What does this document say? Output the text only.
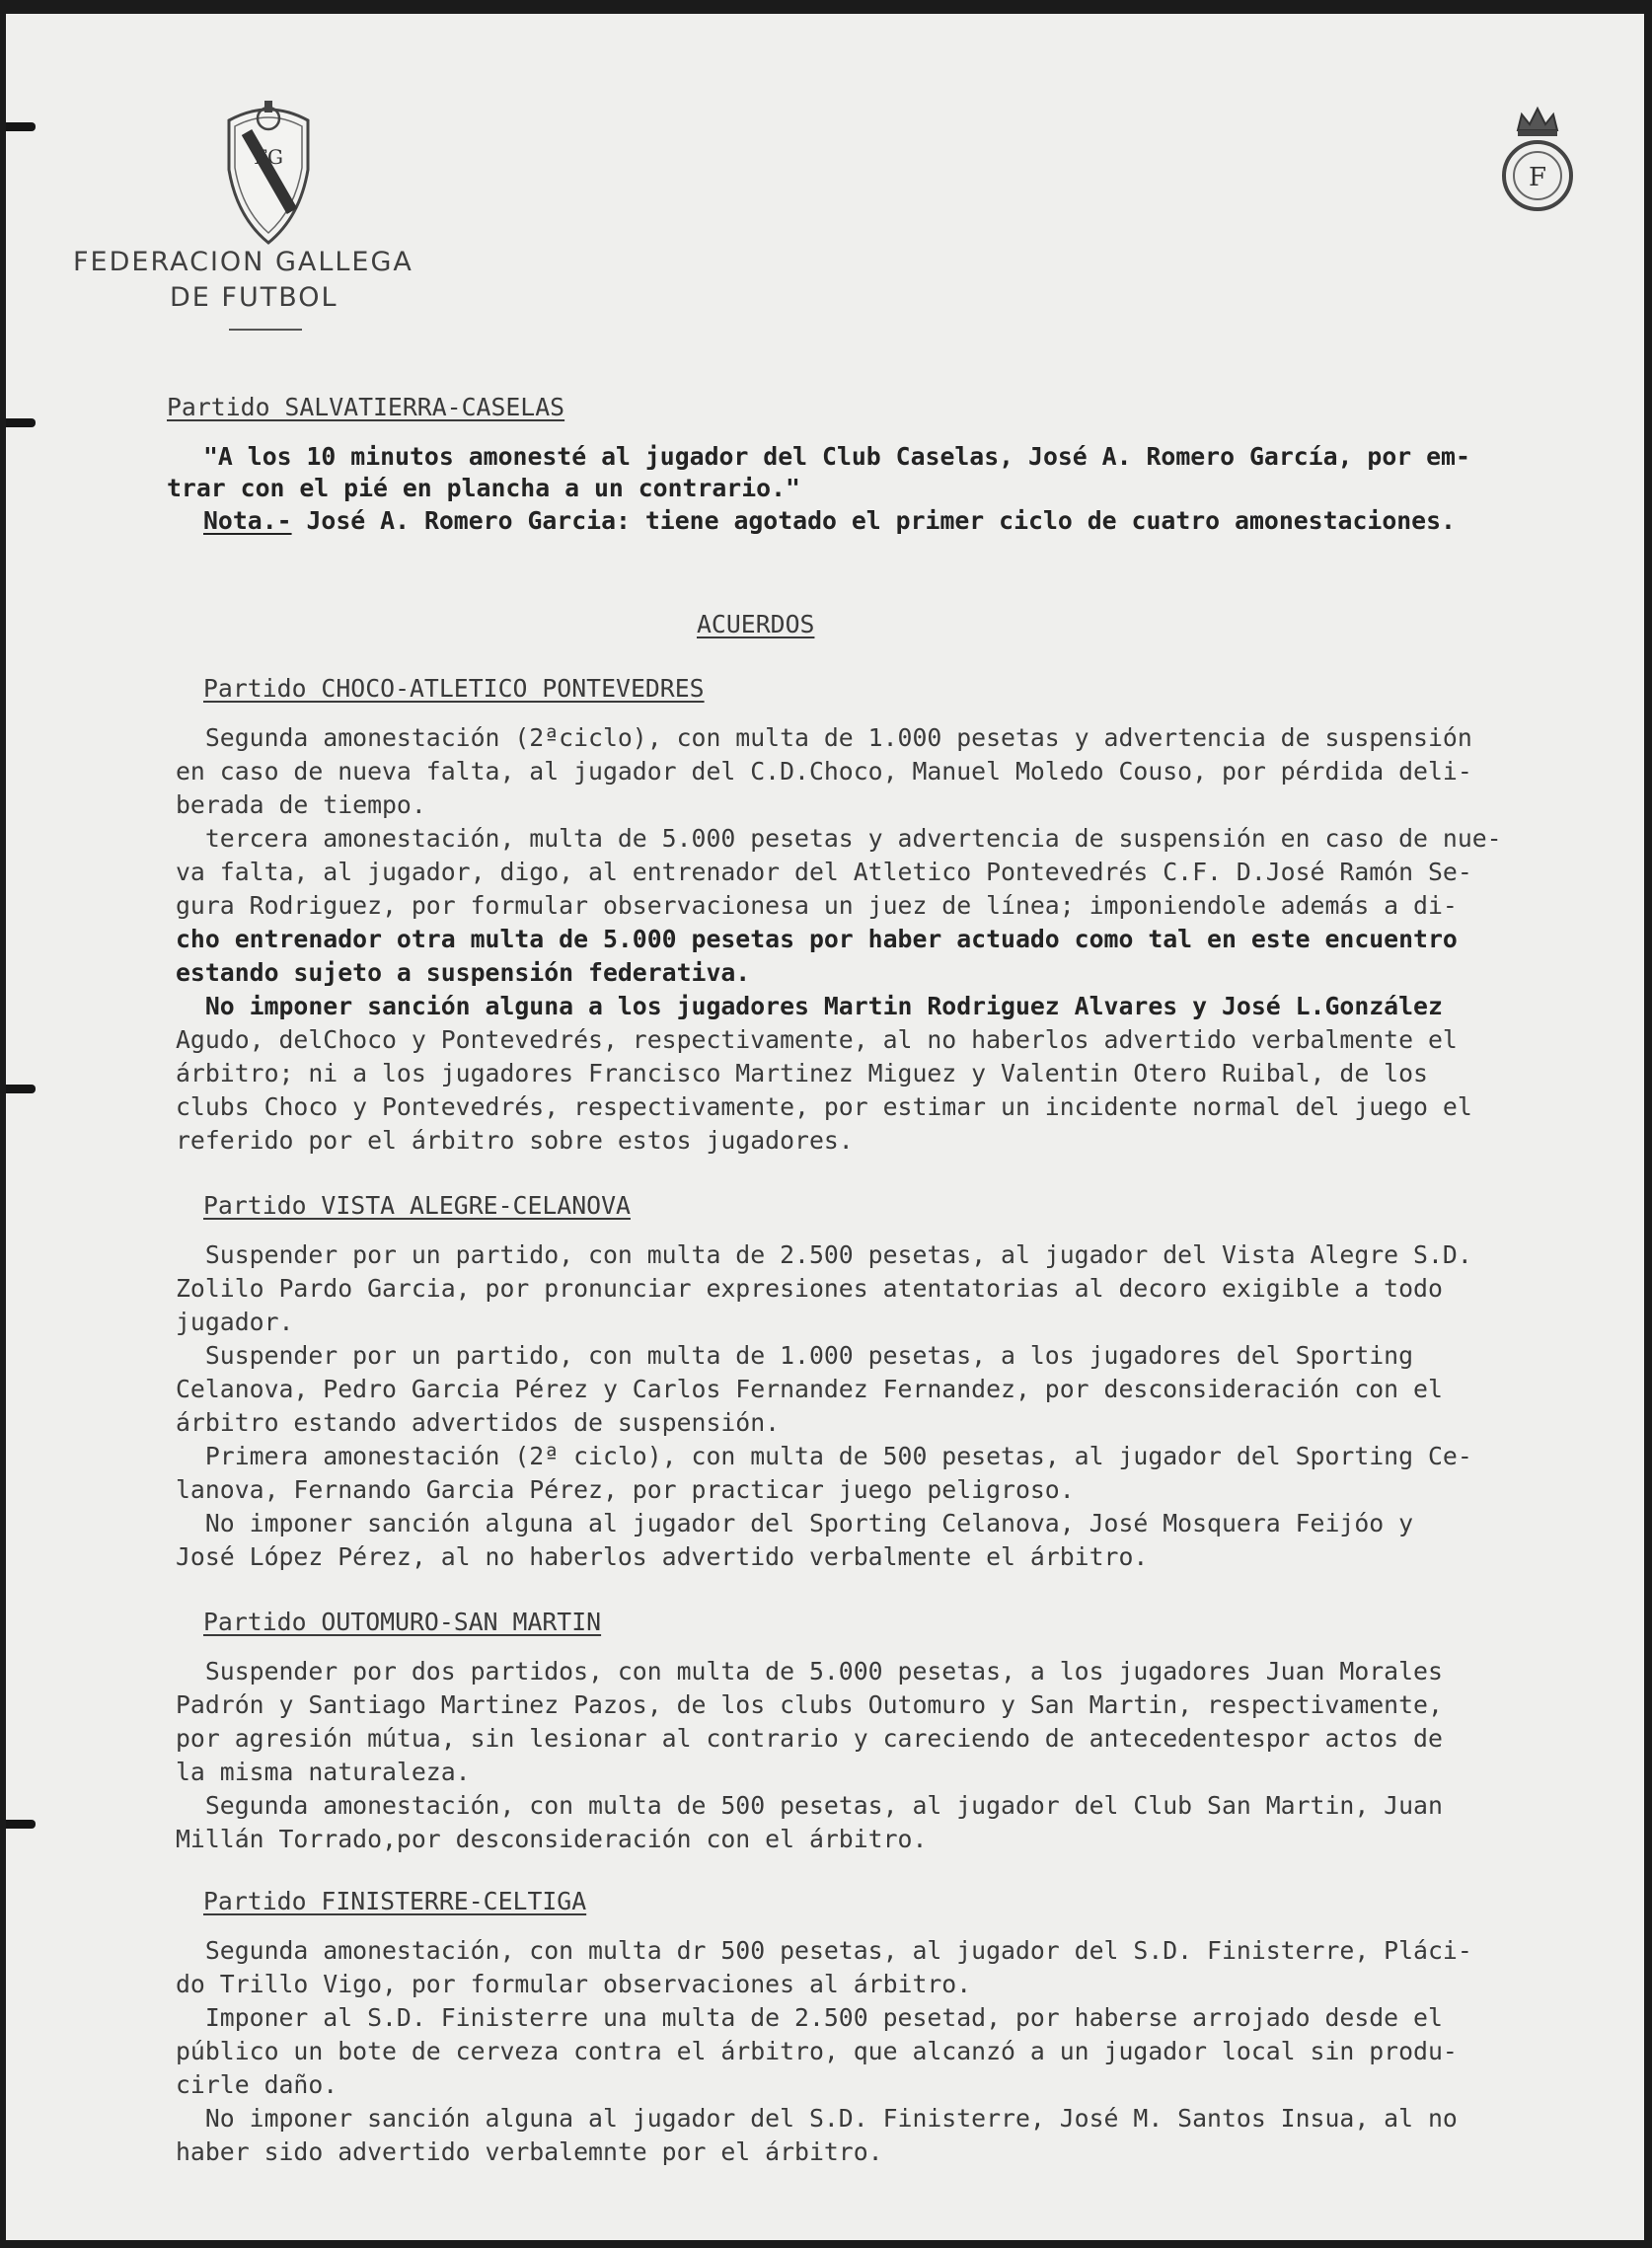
FG
FEDERACION GALLEGA
DE FUTBOL
F
Partido SALVATIERRA-CASELAS
"A los 10 minutos amonesté al jugador del Club Caselas, José A. Romero García, por em-
trar con el pié en plancha a un contrario."
Nota.- José A. Romero Garcia: tiene agotado el primer ciclo de cuatro amonestaciones.
ACUERDOS
Partido CHOCO-ATLETICO PONTEVEDRES
Segunda amonestación (2ªciclo), con multa de 1.000 pesetas y advertencia de suspensión
en caso de nueva falta, al jugador del C.D.Choco, Manuel Moledo Couso, por pérdida deli-
berada de tiempo.
tercera amonestación, multa de 5.000 pesetas y advertencia de suspensión en caso de nue-
va falta, al jugador, digo, al entrenador del Atletico Pontevedrés C.F. D.José Ramón Se-
gura Rodriguez, por formular observacionesa un juez de línea; imponiendole además a di-
cho entrenador otra multa de 5.000 pesetas por haber actuado como tal en este encuentro
estando sujeto a suspensión federativa.
No imponer sanción alguna a los jugadores Martin Rodriguez Alvares y José L.González
Agudo, delChoco y Pontevedrés, respectivamente, al no haberlos advertido verbalmente el
árbitro; ni a los jugadores Francisco Martinez Miguez y Valentin Otero Ruibal, de los
clubs Choco y Pontevedrés, respectivamente, por estimar un incidente normal del juego el
referido por el árbitro sobre estos jugadores.
Partido VISTA ALEGRE-CELANOVA
Suspender por un partido, con multa de 2.500 pesetas, al jugador del Vista Alegre S.D.
Zolilo Pardo Garcia, por pronunciar expresiones atentatorias al decoro exigible a todo
jugador.
Suspender por un partido, con multa de 1.000 pesetas, a los jugadores del Sporting
Celanova, Pedro Garcia Pérez y Carlos Fernandez Fernandez, por desconsideración con el
árbitro estando advertidos de suspensión.
Primera amonestación (2ª ciclo), con multa de 500 pesetas, al jugador del Sporting Ce-
lanova, Fernando Garcia Pérez, por practicar juego peligroso.
No imponer sanción alguna al jugador del Sporting Celanova, José Mosquera Feijóo y
José López Pérez, al no haberlos advertido verbalmente el árbitro.
Partido OUTOMURO-SAN MARTIN
Suspender por dos partidos, con multa de 5.000 pesetas, a los jugadores Juan Morales
Padrón y Santiago Martinez Pazos, de los clubs Outomuro y San Martin, respectivamente,
por agresión mútua, sin lesionar al contrario y careciendo de antecedentespor actos de
la misma naturaleza.
Segunda amonestación, con multa de 500 pesetas, al jugador del Club San Martin, Juan
Millán Torrado,por desconsideración con el árbitro.
Partido FINISTERRE-CELTIGA
Segunda amonestación, con multa dr 500 pesetas, al jugador del S.D. Finisterre, Pláci-
do Trillo Vigo, por formular observaciones al árbitro.
Imponer al S.D. Finisterre una multa de 2.500 pesetad, por haberse arrojado desde el
público un bote de cerveza contra el árbitro, que alcanzó a un jugador local sin produ-
cirle daño.
No imponer sanción alguna al jugador del S.D. Finisterre, José M. Santos Insua, al no
haber sido advertido verbalemnte por el árbitro.
